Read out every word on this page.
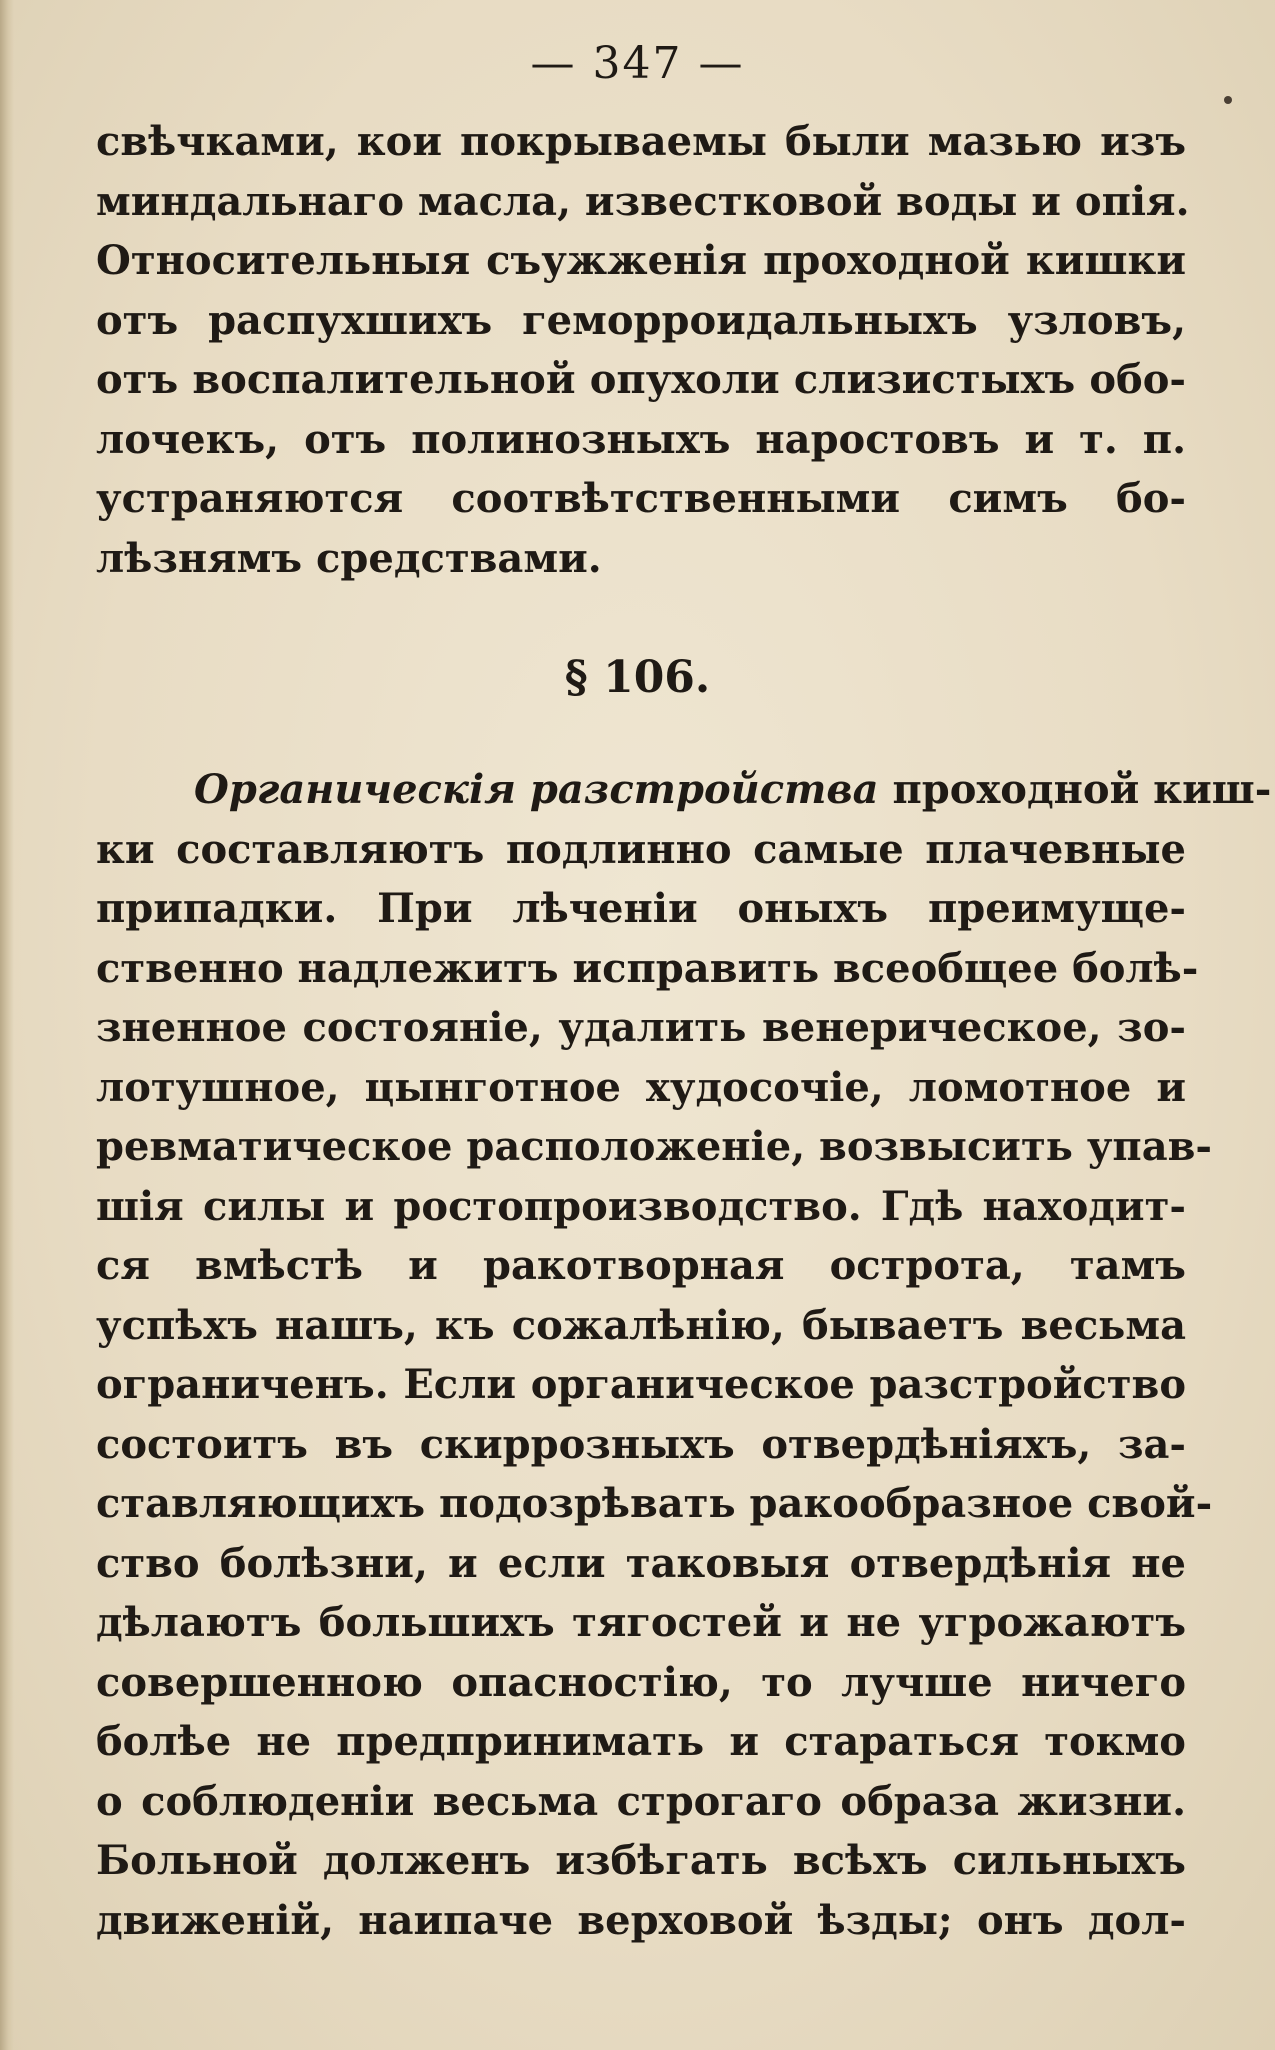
— 347 —
свѣчками, кои покрываемы были мазью изъ
миндальнаго масла, известковой воды и опія.
Относительныя съужженія проходной кишки
отъ распухшихъ геморроидальныхъ узловъ,
отъ воспалительной опухоли слизистыхъ обо-
лочекъ, отъ полинозныхъ наростовъ и т. п.
устраняются соотвѣтственными симъ бо-
лѣзнямъ средствами.
§ 106.
Органическія разстройства проходной киш-
ки составляютъ подлинно самые плачевные
припадки. При лѣченіи оныхъ преимуще-
ственно надлежитъ исправить всеобщее болѣ-
зненное состояніе, удалить венерическое, зо-
лотушное, цынготное худосочіе, ломотное и
ревматическое расположеніе, возвысить упав-
шія силы и ростопроизводство. Гдѣ находит-
ся вмѣстѣ и ракотворная острота, тамъ
успѣхъ нашъ, къ сожалѣнію, бываетъ весьма
ограниченъ. Если органическое разстройство
состоитъ въ скиррозныхъ отвердѣніяхъ, за-
ставляющихъ подозрѣвать ракообразное свой-
ство болѣзни, и если таковыя отвердѣнія не
дѣлаютъ большихъ тягостей и не угрожаютъ
совершенною опасностію, то лучше ничего
болѣе не предпринимать и стараться токмо
о соблюденіи весьма строгаго образа жизни.
Больной долженъ избѣгать всѣхъ сильныхъ
движеній, наипаче верховой ѣзды; онъ дол-
